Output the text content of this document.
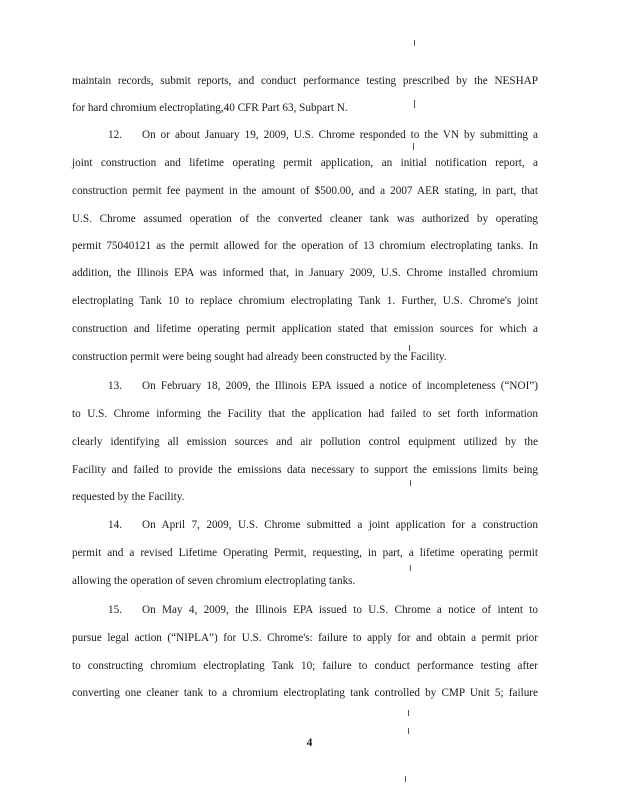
maintain records, submit reports, and conduct performance testing prescribed by the NESHAP
for hard chromium electroplating,40 CFR Part 63, Subpart N.
12. On or about January 19, 2009, U.S. Chrome responded to the VN by submitting a
joint construction and lifetime operating permit application, an initial notification report, a
construction permit fee payment in the amount of $500.00, and a 2007 AER stating, in part, that
U.S. Chrome assumed operation of the converted cleaner tank was authorized by operating
permit 75040121 as the permit allowed for the operation of 13 chromium electroplating tanks. In
addition, the Illinois EPA was informed that, in January 2009, U.S. Chrome installed chromium
electroplating Tank 10 to replace chromium electroplating Tank 1. Further, U.S. Chrome's joint
construction and lifetime operating permit application stated that emission sources for which a
construction permit were being sought had already been constructed by the Facility.
13. On February 18, 2009, the Illinois EPA issued a notice of incompleteness (“NOI”)
to U.S. Chrome informing the Facility that the application had failed to set forth information
clearly identifying all emission sources and air pollution control equipment utilized by the
Facility and failed to provide the emissions data necessary to support the emissions limits being
requested by the Facility.
14. On April 7, 2009, U.S. Chrome submitted a joint application for a construction
permit and a revised Lifetime Operating Permit, requesting, in part, a lifetime operating permit
allowing the operation of seven chromium electroplating tanks.
15. On May 4, 2009, the Illinois EPA issued to U.S. Chrome a notice of intent to
pursue legal action (“NIPLA”) for U.S. Chrome's: failure to apply for and obtain a permit prior
to constructing chromium electroplating Tank 10; failure to conduct performance testing after
converting one cleaner tank to a chromium electroplating tank controlled by CMP Unit 5; failure
4
